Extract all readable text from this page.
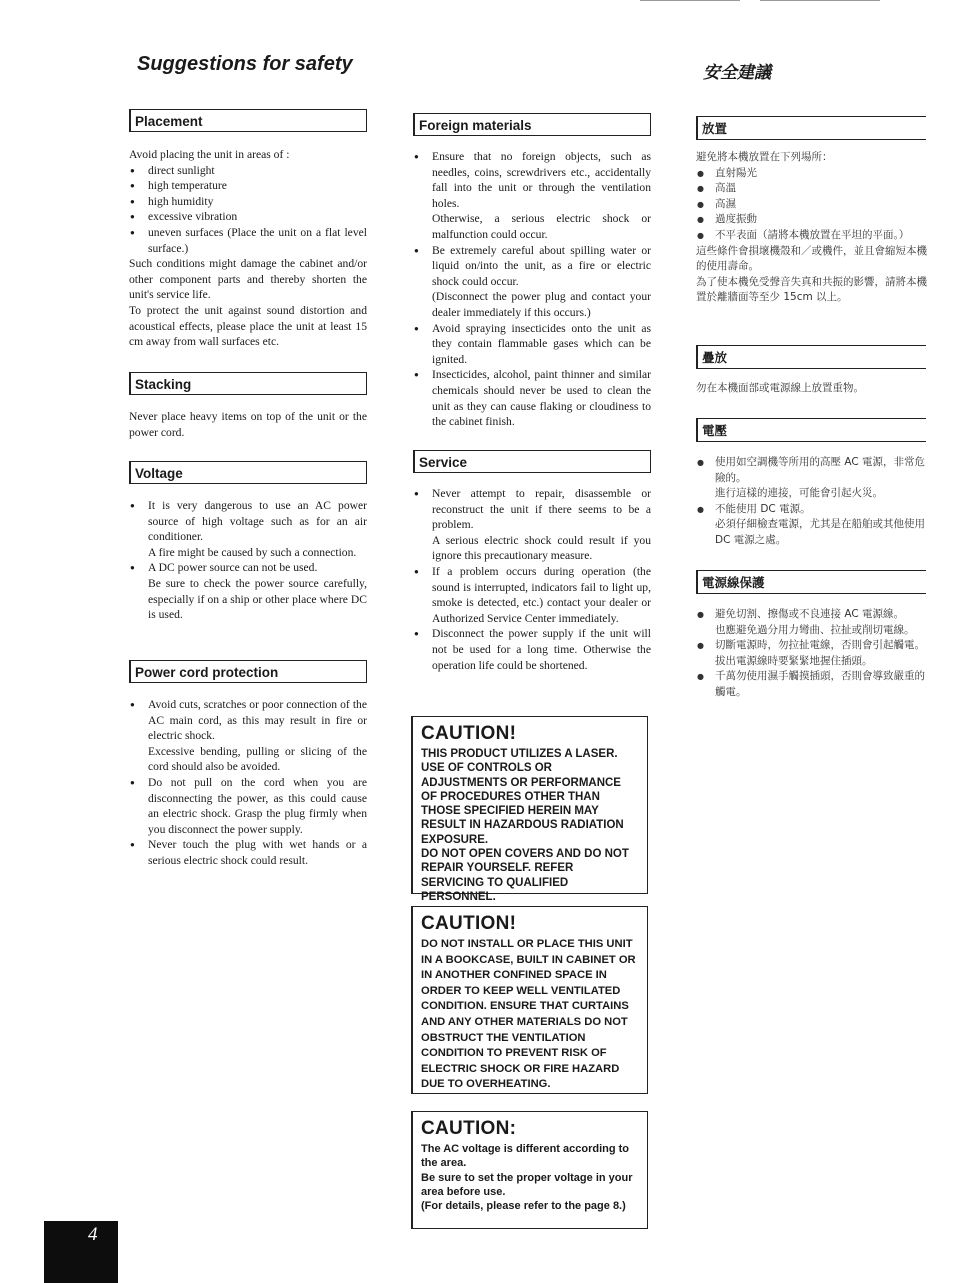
Suggestions for safety	安全建議
Placement

Avoid placing the unit in areas of :

● direct sunlight
● high temperature
● high humidity
● excessive vibration
● uneven surfaces (Place the unit on a flat level surface.)

Such conditions might damage the cabinet and/or other component parts and thereby shorten the unit's service life.

To protect the unit against sound distortion and acoustical effects, please place the unit at least 15 cm away from wall surfaces etc.

Stacking

Never place heavy items on top of the unit or the power cord.

Voltage
● It is very dangerous to use an AC power source of high voltage such as for an air conditioner.

A fire might be caused by such a connection.

● A DC power source can not be used.

Be sure to check the power source carefully, especially if on a ship or other place where DC is used.

Power cord protection
● Avoid cuts, scratches or poor connection of the AC main cord, as this may result in fire or electric shock.

Excessive bending, pulling or slicing of the cord should also be avoided.

● Do not pull on the cord when you are disconnecting the power, as this could cause an electric shock. Grasp the plug firmly when you disconnect the power supply.
● Never touch the plug with wet hands or a serious electric shock could result.
Foreign materials
● Ensure that no foreign objects, such as needles, coins, screwdrivers etc., accidentally fall into the unit or through the ventilation holes.

Otherwise, a serious electric shock or malfunction could occur.

● Be extremely careful about spilling water or liquid on/into the unit, as a fire or electric shock could occur.

(Disconnect the power plug and contact your dealer immediately if this occurs.)

● Avoid spraying insecticides onto the unit as they contain flammable gases which can be ignited.
● Insecticides, alcohol, paint thinner and similar chemicals should never be used to clean the unit as they can cause flaking or cloudiness to the cabinet finish.
Service
● Never attempt to repair, disassemble or reconstruct the unit if there seems to be a problem.

A serious electric shock could result if you ignore this precautionary measure.

● If a problem occurs during operation (the sound is interrupted, indicators fail to light up, smoke is detected, etc.) contact your dealer or Authorized Service Center immediately.
● Disconnect the power supply if the unit will not be used for a long time. Otherwise the operation life could be shortened.
CAUTION!

THIS PRODUCT UTILIZES A LASER. USE OF CONTROLS OR ADJUSTMENTS OR PERFORMANCE OF PROCEDURES OTHER THAN THOSE SPECIFIED HEREIN MAY RESULT IN HAZARDOUS RADIATION EXPOSURE.

DO NOT OPEN COVERS AND DO NOT REPAIR YOURSELF. REFER SERVICING TO QUALIFIED PERSONNEL.

CAUTION!

DO NOT INSTALL OR PLACE THIS UNIT IN A BOOKCASE, BUILT IN CABINET OR IN ANOTHER CONFINED SPACE IN ORDER TO KEEP WELL VENTILATED CONDITION. ENSURE THAT CURTAINS AND ANY OTHER MATERIALS DO NOT OBSTRUCT THE VENTILATION CONDITION TO PREVENT RISK OF ELECTRIC SHOCK OR FIRE HAZARD DUE TO OVERHEATING.

CAUTION:

The AC voltage is different according to the area.

Be sure to set the proper voltage in your area before use.

(For details, please refer to the page 8.)

放置

避免將本機放置在下列場所：

● 直射陽光
● 高溫
● 高濕
● 過度振動
● 不平表面（請將本機放置在平坦的平面。）

這些條件會損壞機殼和／或機件，並且會縮短本機的使用壽命。

為了使本機免受聲音失真和共振的影響，請將本機置於離牆面等至少 15cm 以上。

疊放

勿在本機面部或電源線上放置重物。

電壓
● 使用如空調機等所用的高壓 AC 電源，非常危險的。

進行這樣的連接，可能會引起火災。

● 不能使用 DC 電源。

必須仔細檢查電源，尤其是在船舶或其他使用 DC 電源之處。

電源線保護
● 避免切割、擦傷或不良連接 AC 電源線。

也應避免過分用力彎曲、拉扯或削切電線。

● 切斷電源時，勿拉扯電線，否則會引起觸電。

拔出電源線時要緊緊地握住插頭。

● 千萬勿使用濕手觸摸插頭，否則會導致嚴重的觸電。
4
